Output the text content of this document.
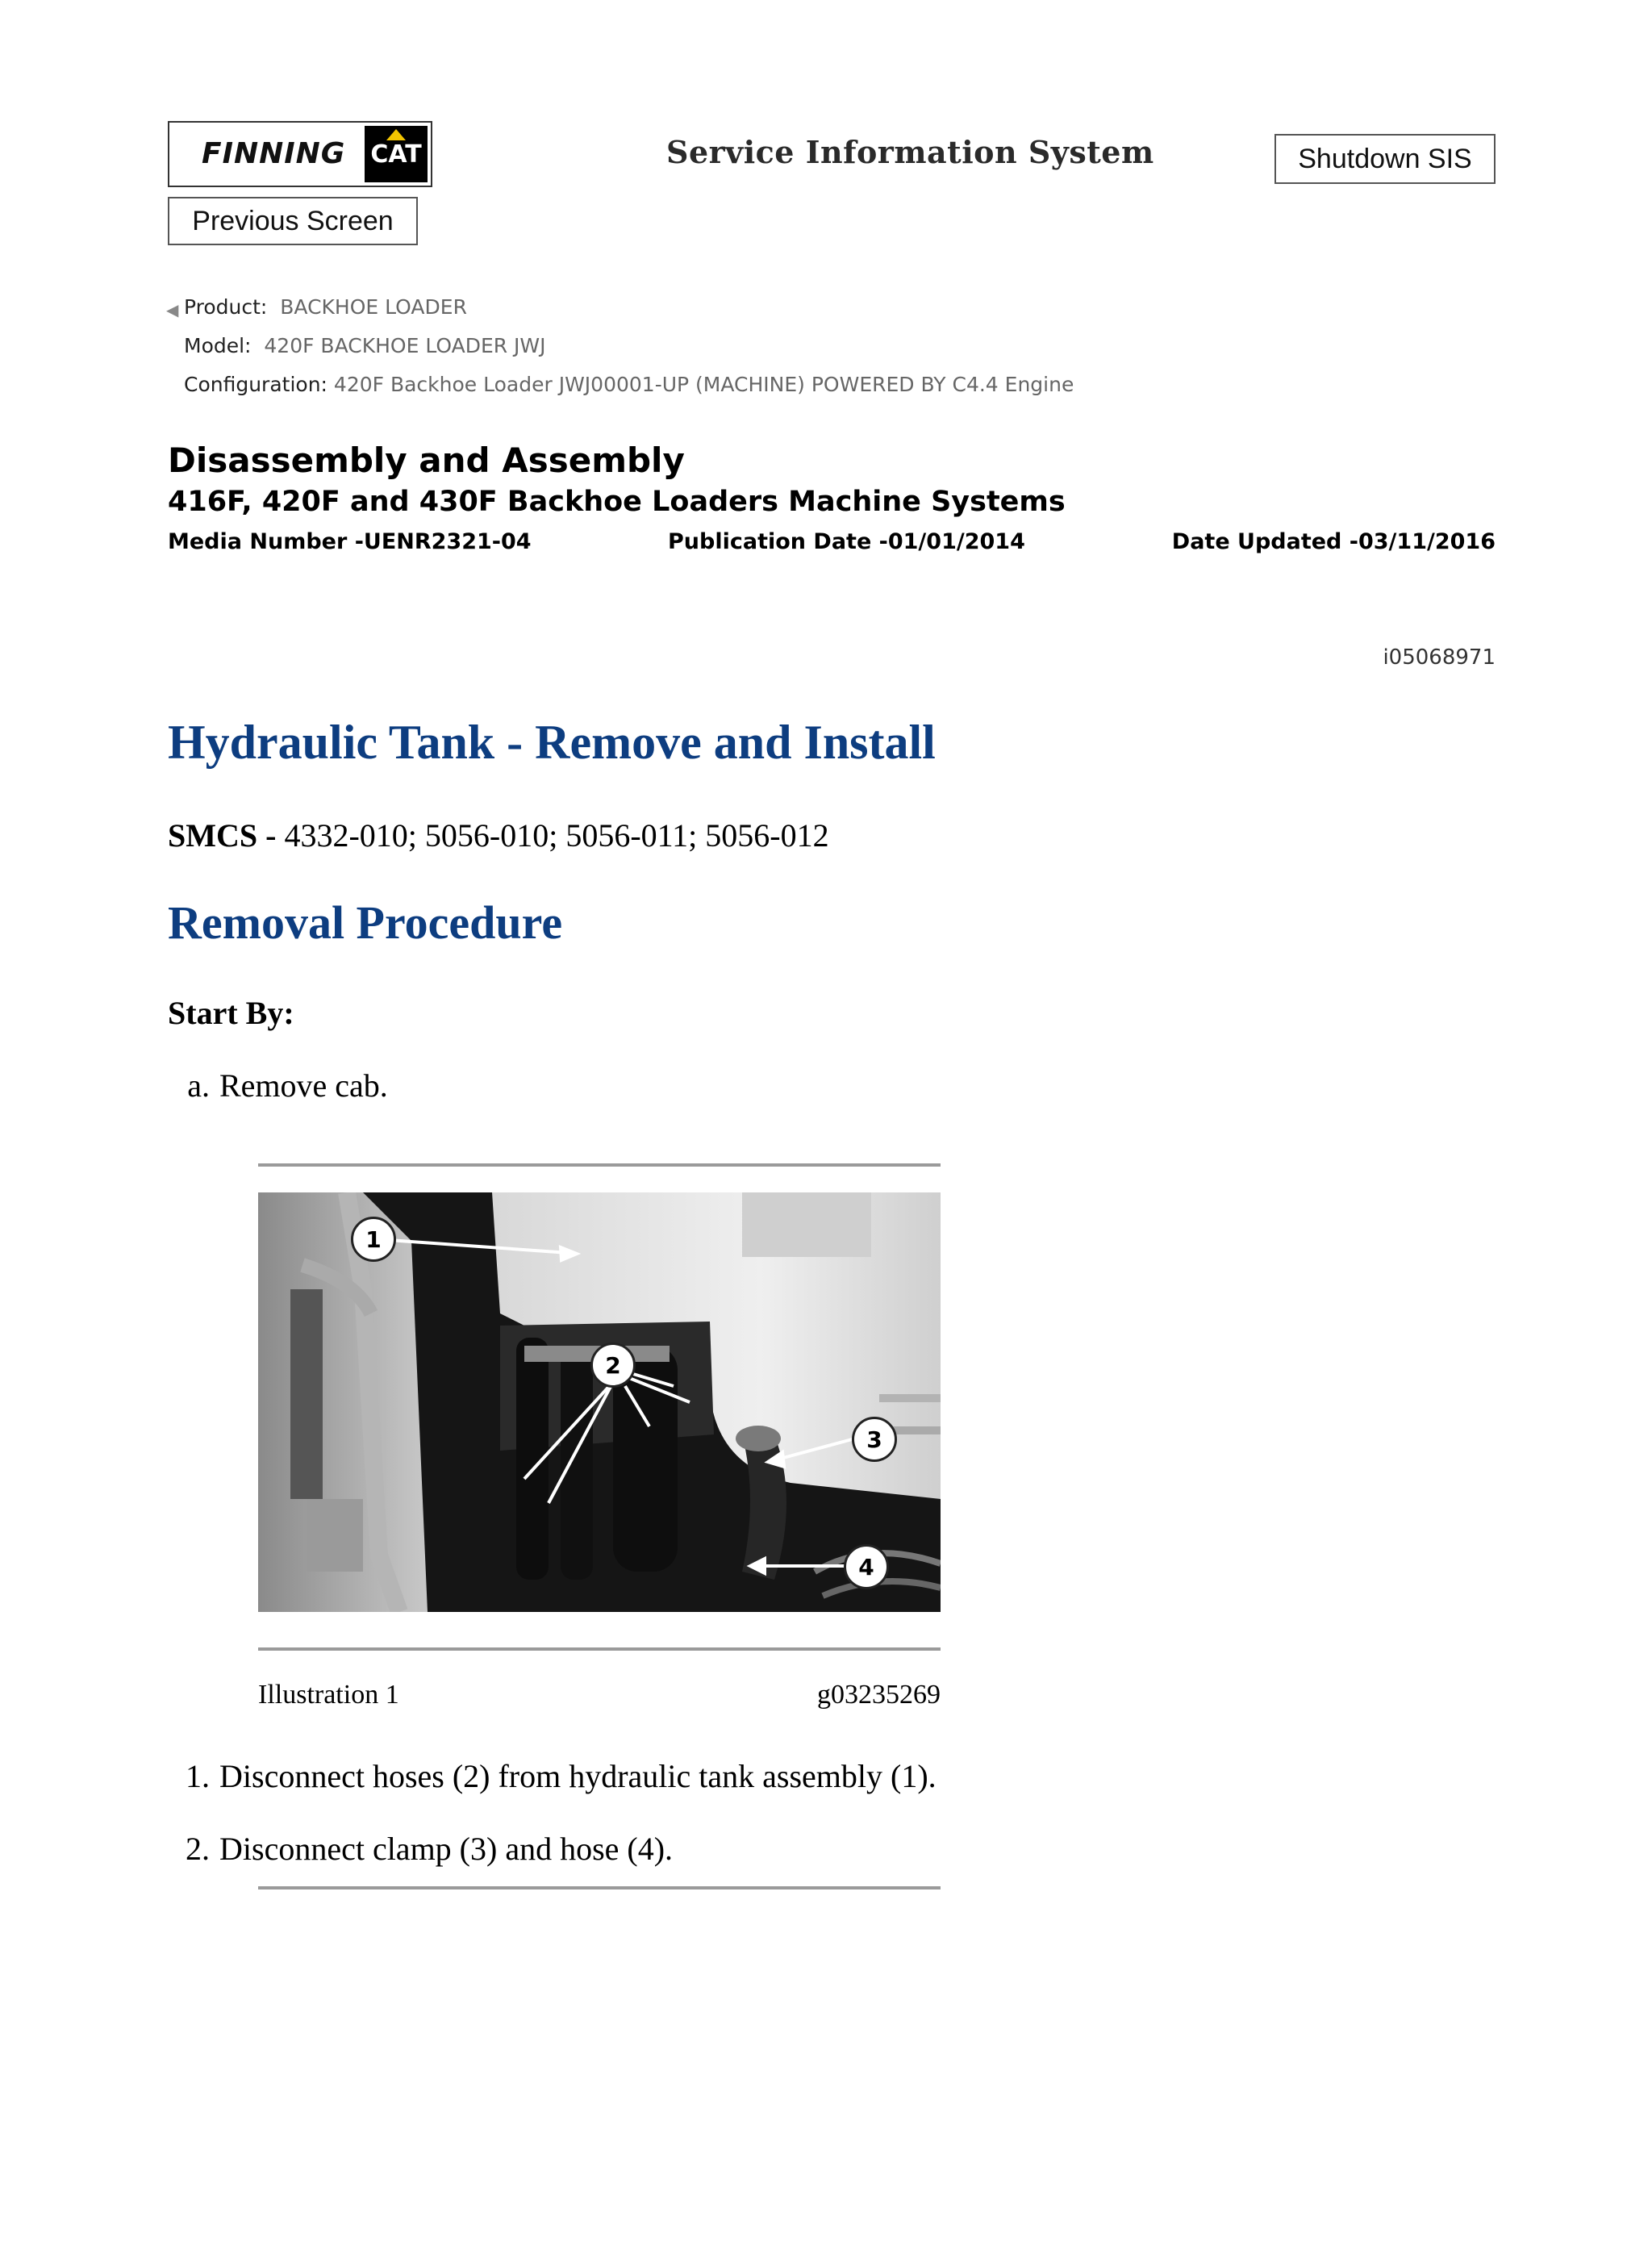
FINNING CAT	Service Information System	Shutdown SIS
Previous Screen
◀ Product: BACKHOE LOADER
Model: 420F BACKHOE LOADER JWJ
Configuration: 420F Backhoe Loader JWJ00001-UP (MACHINE) POWERED BY C4.4 Engine
Disassembly and Assembly
416F, 420F and 430F Backhoe Loaders Machine Systems
Media Number -UENR2321-04	Publication Date -01/01/2014	Date Updated -03/11/2016
i05068971
Hydraulic Tank - Remove and Install
SMCS - 4332-010; 5056-010; 5056-011; 5056-012
Removal Procedure
Start By:
a. Remove cab.
1
2
3
4
Illustration 1	g03235269
1. Disconnect hoses (2) from hydraulic tank assembly (1).
2. Disconnect clamp (3) and hose (4).
